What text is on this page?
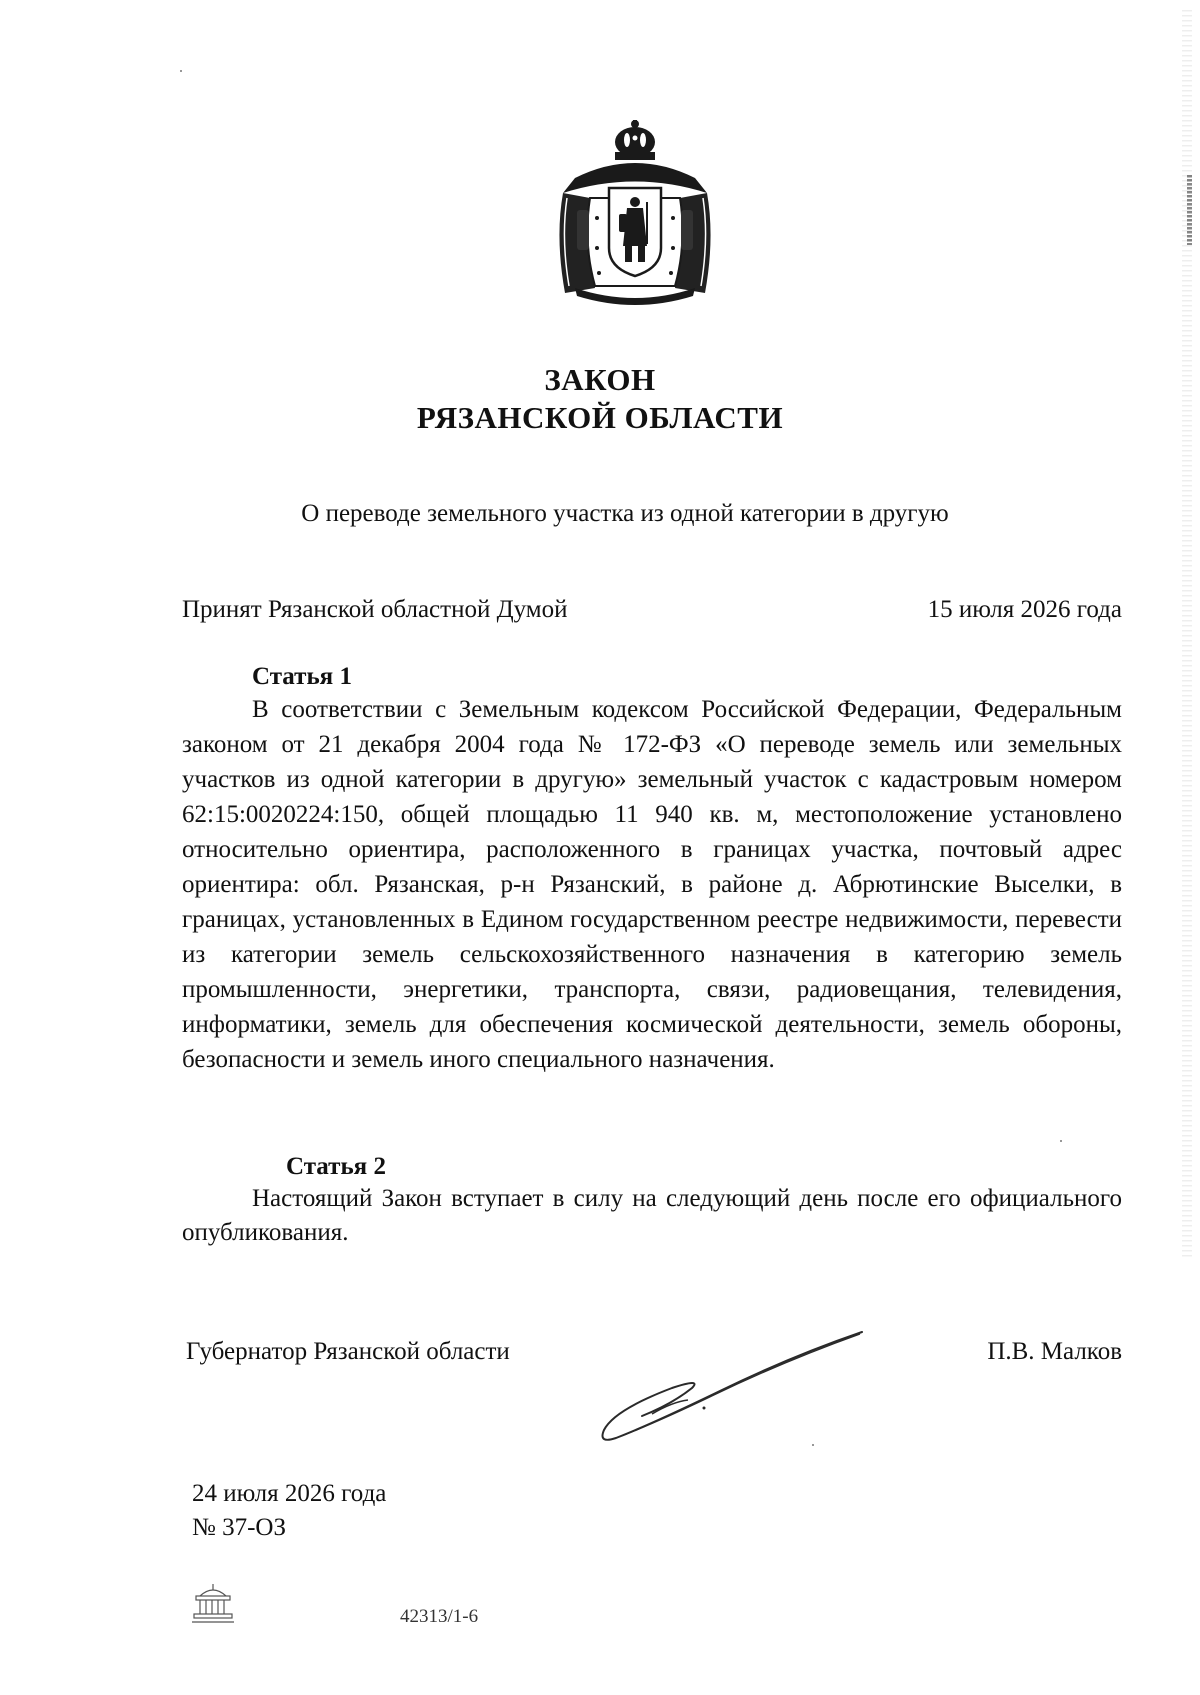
ЗАКОН
РЯЗАНСКОЙ ОБЛАСТИ
О переводе земельного участка из одной категории в другую
Принят Рязанской областной Думой	15 июля 2026 года
Статья 1

В соответствии с Земельным кодексом Российской Федерации, Федеральным законом от 21 декабря 2004 года № 172-ФЗ «О переводе земель или земельных участков из одной категории в другую» земельный участок с кадастровым номером 62:15:0020224:150, общей площадью 11 940 кв. м, местоположение установлено относительно ориентира, расположенного в границах участка, почтовый адрес ориентира: обл. Рязанская, р-н Рязанский, в районе д. Абрютинские Выселки, в границах, установленных в Едином государственном реестре недвижимости, перевести из категории земель сельскохозяйственного назначения в категорию земель промышленности, энергетики, транспорта, связи, радиовещания, телевидения, информатики, земель для обеспечения космической деятельности, земель обороны, безопасности и земель иного специального назначения.

Статья 2

Настоящий Закон вступает в силу на следующий день после его официального опубликования.

Губернатор Рязанской области	П.В. Малков
24 июля 2026 года
№ 37-ОЗ
42313/1-6
